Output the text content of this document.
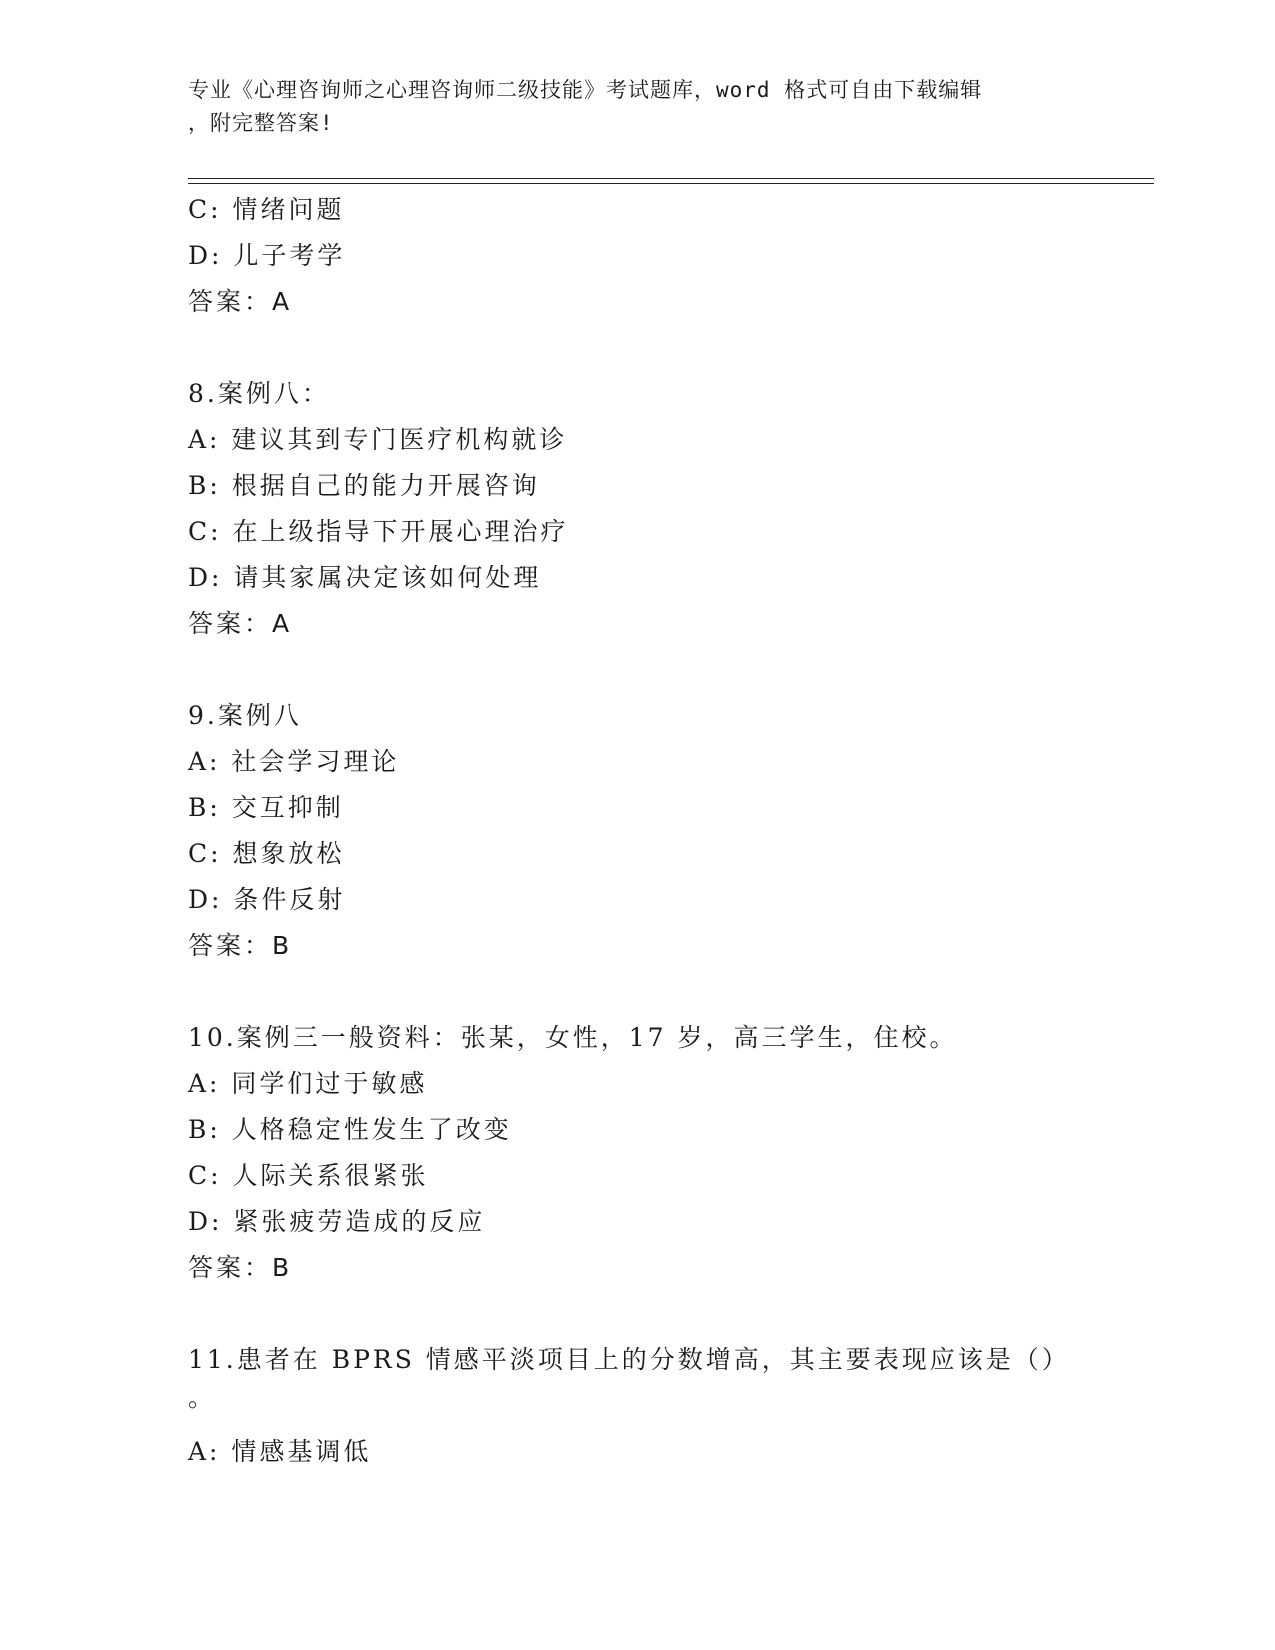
专业《心理咨询师之心理咨询师二级技能》考试题库，word 格式可自由下载编辑
，附完整答案!
C: 情绪问题
D: 儿子考学
答案：A
8.案例八：
A: 建议其到专门医疗机构就诊
B: 根据自己的能力开展咨询
C: 在上级指导下开展心理治疗
D: 请其家属决定该如何处理
答案：A
9.案例八
A: 社会学习理论
B: 交互抑制
C: 想象放松
D: 条件反射
答案：B
10.案例三一般资料：张某，女性，17 岁，高三学生，住校。
A: 同学们过于敏感
B: 人格稳定性发生了改变
C: 人际关系很紧张
D: 紧张疲劳造成的反应
答案：B
11.患者在 BPRS 情感平淡项目上的分数增高，其主要表现应该是（）
。
A: 情感基调低
